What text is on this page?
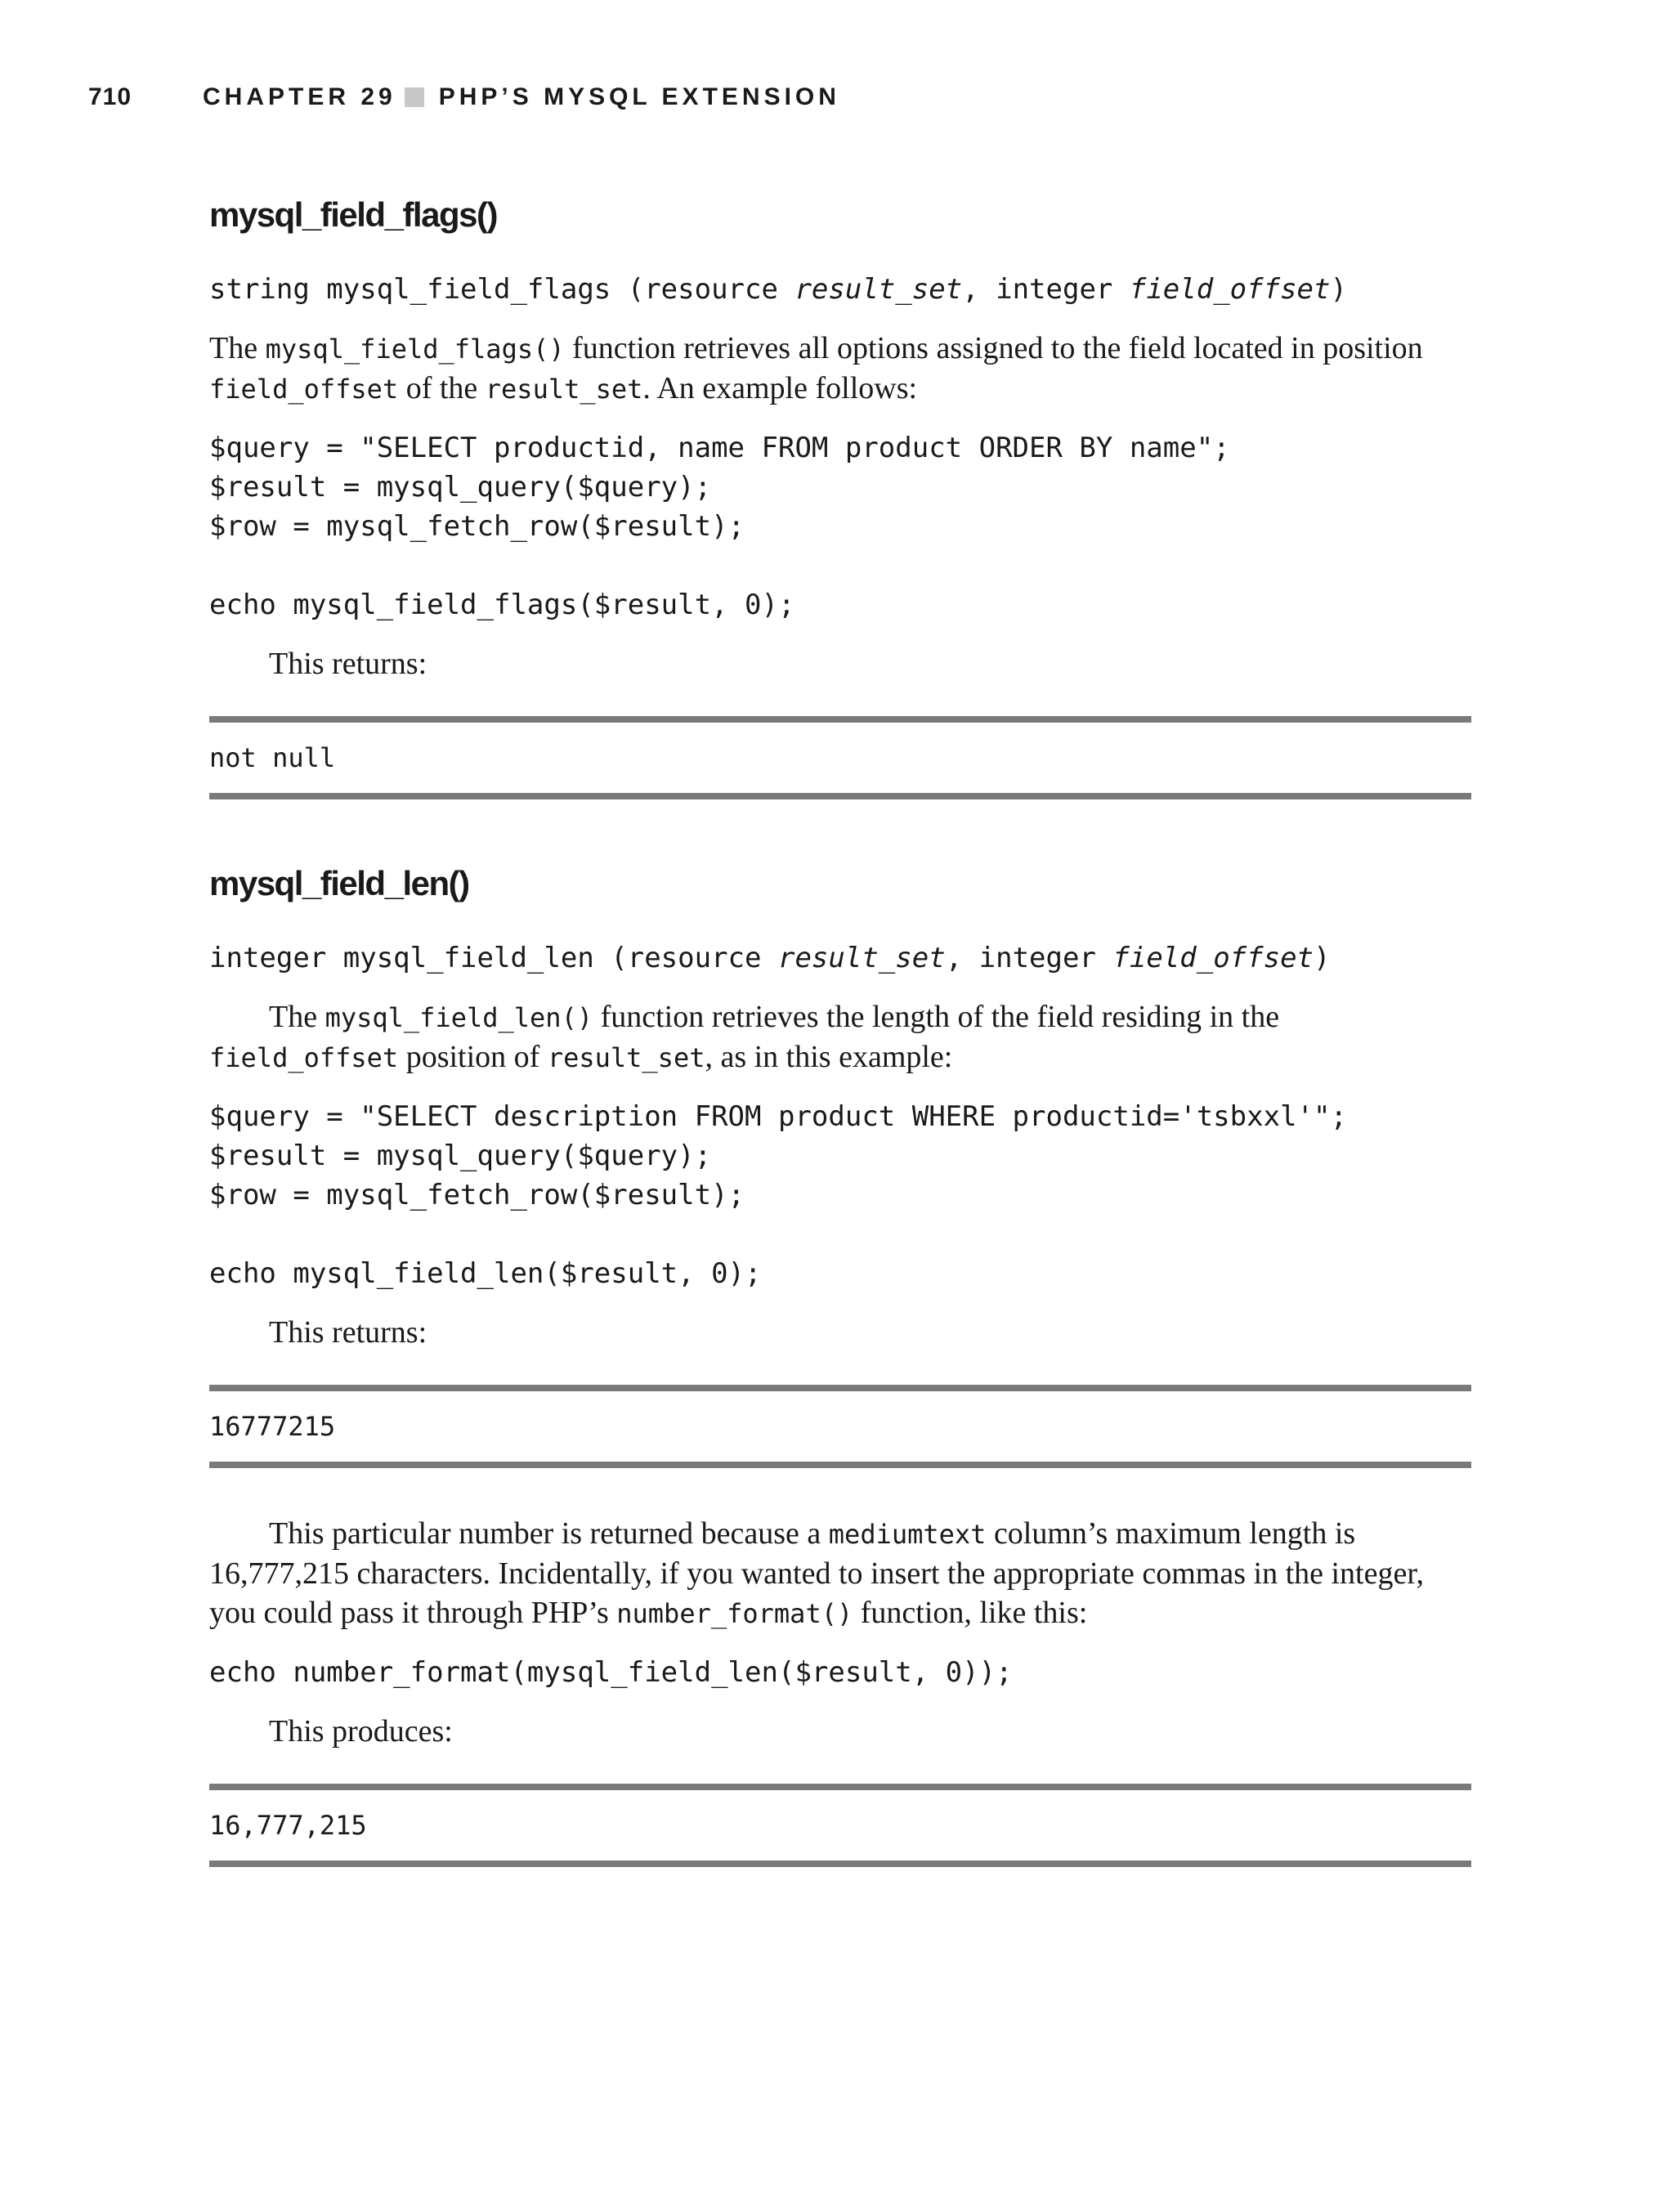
710	CHAPTER 29 PHP’S MYSQL EXTENSION
mysql_field_flags()
string mysql_field_flags (resource result_set, integer field_offset)

The mysql_field_flags() function retrieves all options assigned to the field located in position field_offset of the result_set. An example follows:

$query = "SELECT productid, name FROM product ORDER BY name";
$result = mysql_query($query);
$row = mysql_fetch_row($result);

echo mysql_field_flags($result, 0);

This returns:

not null
mysql_field_len()
integer mysql_field_len (resource result_set, integer field_offset)

The mysql_field_len() function retrieves the length of the field residing in the field_offset position of result_set, as in this example:

$query = "SELECT description FROM product WHERE productid='tsbxxl'";
$result = mysql_query($query);
$row = mysql_fetch_row($result);

echo mysql_field_len($result, 0);

This returns:

16777215

This particular number is returned because a mediumtext column’s maximum length is 16,777,215 characters. Incidentally, if you wanted to insert the appropriate commas in the integer, you could pass it through PHP’s number_format() function, like this:

echo number_format(mysql_field_len($result, 0));

This produces:

16,777,215
